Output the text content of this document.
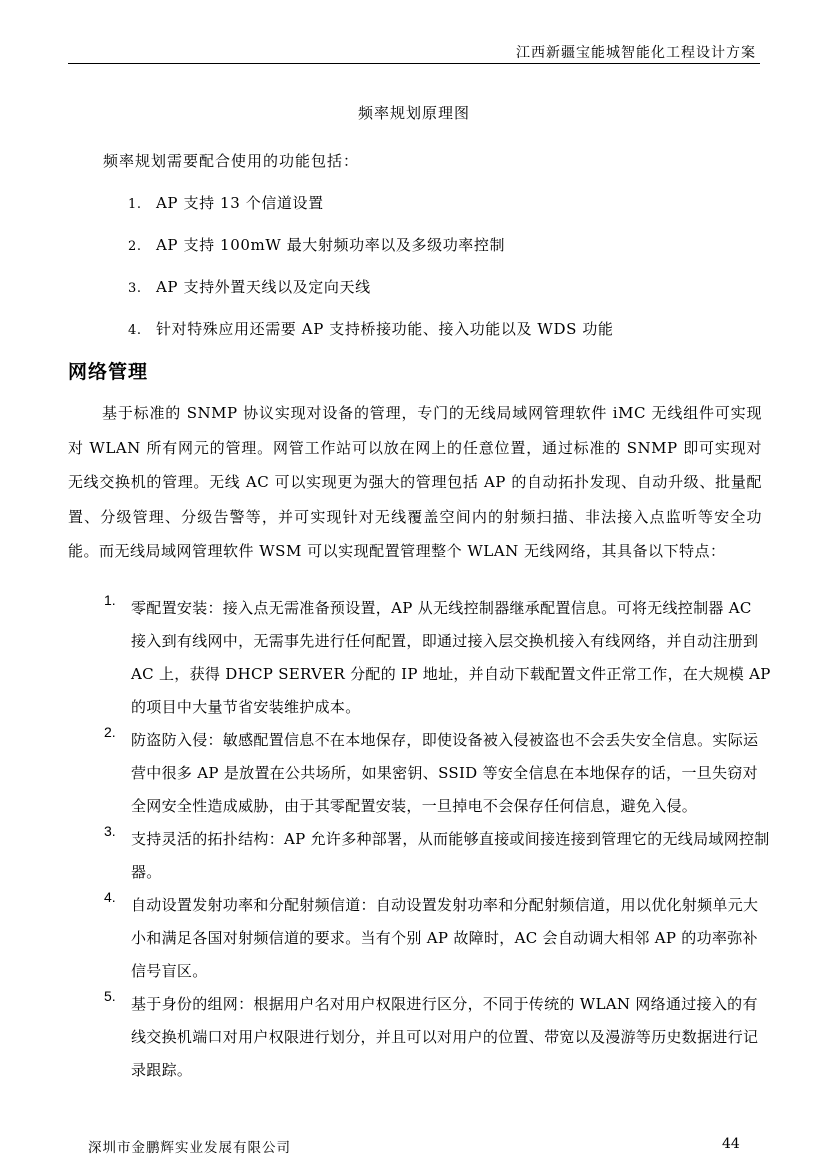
江西新疆宝能城智能化工程设计方案
频率规划原理图
频率规划需要配合使用的功能包括：
1. AP 支持 13 个信道设置
2. AP 支持 100mW 最大射频功率以及多级功率控制
3. AP 支持外置天线以及定向天线
4. 针对特殊应用还需要 AP 支持桥接功能、接入功能以及 WDS 功能
网络管理
基于标准的 SNMP 协议实现对设备的管理，专门的无线局域网管理软件 iMC 无线组件可实现对 WLAN 所有网元的管理。网管工作站可以放在网上的任意位置，通过标准的 SNMP 即可实现对无线交换机的管理。无线 AC 可以实现更为强大的管理包括 AP 的自动拓扑发现、自动升级、批量配置、分级管理、分级告警等，并可实现针对无线覆盖空间内的射频扫描、非法接入点监听等安全功能。而无线局域网管理软件 WSM 可以实现配置管理整个 WLAN 无线网络，其具备以下特点：
1. 零配置安装：接入点无需准备预设置，AP 从无线控制器继承配置信息。可将无线控制器 AC 接入到有线网中，无需事先进行任何配置，即通过接入层交换机接入有线网络，并自动注册到 AC 上，获得 DHCP SERVER 分配的 IP 地址，并自动下载配置文件正常工作，在大规模 AP 的项目中大量节省安装维护成本。
2. 防盗防入侵：敏感配置信息不在本地保存，即使设备被入侵被盗也不会丢失安全信息。实际运营中很多 AP 是放置在公共场所，如果密钥、SSID 等安全信息在本地保存的话，一旦失窃对全网安全性造成威胁，由于其零配置安装，一旦掉电不会保存任何信息，避免入侵。
3. 支持灵活的拓扑结构：AP 允许多种部署，从而能够直接或间接连接到管理它的无线局域网控制器。
4. 自动设置发射功率和分配射频信道：自动设置发射功率和分配射频信道，用以优化射频单元大小和满足各国对射频信道的要求。当有个别 AP 故障时，AC 会自动调大相邻 AP 的功率弥补信号盲区。
5. 基于身份的组网：根据用户名对用户权限进行区分，不同于传统的 WLAN 网络通过接入的有线交换机端口对用户权限进行划分，并且可以对用户的位置、带宽以及漫游等历史数据进行记录跟踪。
深圳市金鹏辉实业发展有限公司	44
